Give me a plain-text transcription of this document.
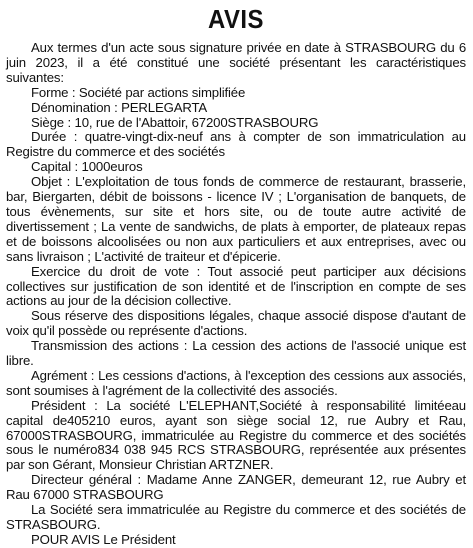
AVIS

Aux termes d'un acte sous signature privée en date à STRASBOURG du 6 juin 2023, il a été constitué une société présentant les caractéristiques suivantes:

Forme : Société par actions simplifiée

Dénomination : PERLEGARTA

Siège : 10, rue de l'Abattoir, 67200STRASBOURG

Durée : quatre-vingt-dix-neuf ans à compter de son immatriculation au Registre du commerce et des sociétés

Capital : 1000euros

Objet : L'exploitation de tous fonds de commerce de restaurant, brasserie, bar, Biergarten, débit de boissons - licence IV ; L'organisation de banquets, de tous évènements, sur site et hors site, ou de toute autre activité de divertissement ; La vente de sandwichs, de plats à emporter, de plateaux repas et de boissons alcoolisées ou non aux particuliers et aux entreprises, avec ou sans livraison ; L'activité de traiteur et d'épicerie.

Exercice du droit de vote : Tout associé peut participer aux décisions collectives sur justification de son identité et de l'inscription en compte de ses actions au jour de la décision collective.

Sous réserve des dispositions légales, chaque associé dispose d'autant de voix qu'il possède ou représente d'actions.

Transmission des actions : La cession des actions de l'associé unique est libre.

Agrément : Les cessions d'actions, à l'exception des cessions aux associés, sont soumises à l'agrément de la collectivité des associés.

Président : La société L'ELEPHANT,Société à responsabilité limitéeau capital de405210 euros, ayant son siège social 12, rue Aubry et Rau, 67000STRASBOURG, immatriculée au Registre du commerce et des sociétés sous le numéro834 038 945 RCS STRASBOURG, représentée aux présentes par son Gérant, Monsieur Christian ARTZNER.

Directeur général : Madame Anne ZANGER, demeurant 12, rue Aubry et Rau 67000 STRASBOURG

La Société sera immatriculée au Registre du commerce et des sociétés de STRASBOURG.

POUR AVIS Le Président
